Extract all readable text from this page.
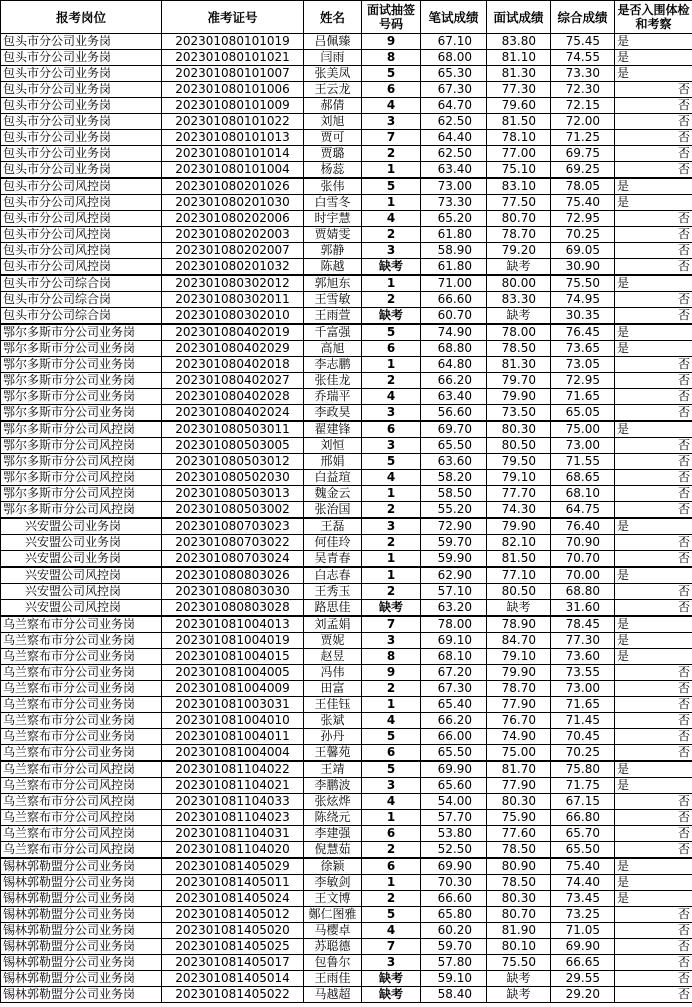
报考岗位	准考证号	姓名	面试抽签号码	笔试成绩	面试成绩	综合成绩	是否入围体检和考察
包头市分公司业务岗	202301080101019	吕佩臻	9	67.10	83.80	75.45	是
包头市分公司业务岗	202301080101021	闫雨	8	68.00	81.10	74.55	是
包头市分公司业务岗	202301080101007	张美凤	5	65.30	81.30	73.30	是
包头市分公司业务岗	202301080101006	王云龙	6	67.30	77.30	72.30	否
包头市分公司业务岗	202301080101009	郝倩	4	64.70	79.60	72.15	否
包头市分公司业务岗	202301080101022	刘旭	3	62.50	81.50	72.00	否
包头市分公司业务岗	202301080101013	贾可	7	64.40	78.10	71.25	否
包头市分公司业务岗	202301080101014	贾璐	2	62.50	77.00	69.75	否
包头市分公司业务岗	202301080101004	杨蕊	1	63.40	75.10	69.25	否
包头市分公司风控岗	202301080201026	张伟	5	73.00	83.10	78.05	是
包头市分公司风控岗	202301080201030	白雪冬	1	73.30	77.50	75.40	是
包头市分公司风控岗	202301080202006	时宇慧	4	65.20	80.70	72.95	否
包头市分公司风控岗	202301080202003	贾婧雯	2	61.80	78.70	70.25	否
包头市分公司风控岗	202301080202007	郭静	3	58.90	79.20	69.05	否
包头市分公司风控岗	202301080201032	陈越	缺考	61.80	缺考	30.90	否
包头市分公司综合岗	202301080302012	郭旭东	1	71.00	80.00	75.50	是
包头市分公司综合岗	202301080302011	王雪敏	2	66.60	83.30	74.95	否
包头市分公司综合岗	202301080302010	王雨萱	缺考	60.70	缺考	30.35	否
鄂尔多斯市分公司业务岗	202301080402019	千富强	5	74.90	78.00	76.45	是
鄂尔多斯市分公司业务岗	202301080402029	高旭	6	68.80	78.50	73.65	是
鄂尔多斯市分公司业务岗	202301080402018	李志鹏	1	64.80	81.30	73.05	否
鄂尔多斯市分公司业务岗	202301080402027	张佳龙	2	66.20	79.70	72.95	否
鄂尔多斯市分公司业务岗	202301080402028	乔瑞平	4	63.40	79.90	71.65	否
鄂尔多斯市分公司业务岗	202301080402024	李政昊	3	56.60	73.50	65.05	否
鄂尔多斯市分公司风控岗	202301080503011	翟建锋	6	69.70	80.30	75.00	是
鄂尔多斯市分公司风控岗	202301080503005	刘恒	3	65.50	80.50	73.00	否
鄂尔多斯市分公司风控岗	202301080503012	邢娟	5	63.60	79.50	71.55	否
鄂尔多斯市分公司风控岗	202301080502030	白益瑄	4	58.20	79.10	68.65	否
鄂尔多斯市分公司风控岗	202301080503013	魏金云	1	58.50	77.70	68.10	否
鄂尔多斯市分公司风控岗	202301080503002	张治国	2	55.20	74.30	64.75	否
兴安盟公司业务岗	202301080703023	王磊	3	72.90	79.90	76.40	是
兴安盟公司业务岗	202301080703022	何佳玲	2	59.70	82.10	70.90	否
兴安盟公司业务岗	202301080703024	吴青春	1	59.90	81.50	70.70	否
兴安盟公司风控岗	202301080803026	白志春	1	62.90	77.10	70.00	是
兴安盟公司风控岗	202301080803030	王秀玉	2	57.10	80.50	68.80	否
兴安盟公司风控岗	202301080803028	路思佳	缺考	63.20	缺考	31.60	否
乌兰察布市分公司业务岗	202301081004013	刘孟娟	7	78.00	78.90	78.45	是
乌兰察布市分公司业务岗	202301081004019	贾妮	3	69.10	84.70	77.30	是
乌兰察布市分公司业务岗	202301081004015	赵昱	8	68.10	79.10	73.60	是
乌兰察布市分公司业务岗	202301081004005	冯伟	9	67.20	79.90	73.55	否
乌兰察布市分公司业务岗	202301081004009	田富	2	67.30	78.70	73.00	否
乌兰察布市分公司业务岗	202301081003031	王佳钰	1	65.40	77.90	71.65	否
乌兰察布市分公司业务岗	202301081004010	张斌	4	66.20	76.70	71.45	否
乌兰察布市分公司业务岗	202301081004011	孙丹	5	66.00	74.90	70.45	否
乌兰察布市分公司业务岗	202301081004004	王馨苑	6	65.50	75.00	70.25	否
乌兰察布市分公司风控岗	202301081104022	王靖	5	69.90	81.70	75.80	是
乌兰察布市分公司风控岗	202301081104021	李鹏波	3	65.60	77.90	71.75	是
乌兰察布市分公司风控岗	202301081104033	张炫烨	4	54.00	80.30	67.15	否
乌兰察布市分公司风控岗	202301081104023	陈绕元	1	57.70	75.90	66.80	否
乌兰察布市分公司风控岗	202301081104031	李建强	6	53.80	77.60	65.70	否
乌兰察布市分公司风控岗	202301081104020	倪慧茹	2	52.50	78.50	65.50	否
锡林郭勒盟分公司业务岗	202301081405029	徐颖	6	69.90	80.90	75.40	是
锡林郭勒盟分公司业务岗	202301081405011	李敏剑	1	70.30	78.50	74.40	是
锡林郭勒盟分公司业务岗	202301081405024	王文博	2	66.60	80.30	73.45	是
锡林郭勒盟分公司业务岗	202301081405012	鄭仁图雅	5	65.80	80.70	73.25	否
锡林郭勒盟分公司业务岗	202301081405020	马樱卓	4	60.20	81.90	71.05	否
锡林郭勒盟分公司业务岗	202301081405025	苏聪德	7	59.70	80.10	69.90	否
锡林郭勒盟分公司业务岗	202301081405017	包鲁尔	3	57.80	75.50	66.65	否
锡林郭勒盟分公司业务岗	202301081405014	王雨佳	缺考	59.10	缺考	29.55	否
锡林郭勒盟分公司业务岗	202301081405022	马越超	缺考	58.40	缺考	29.20	否
